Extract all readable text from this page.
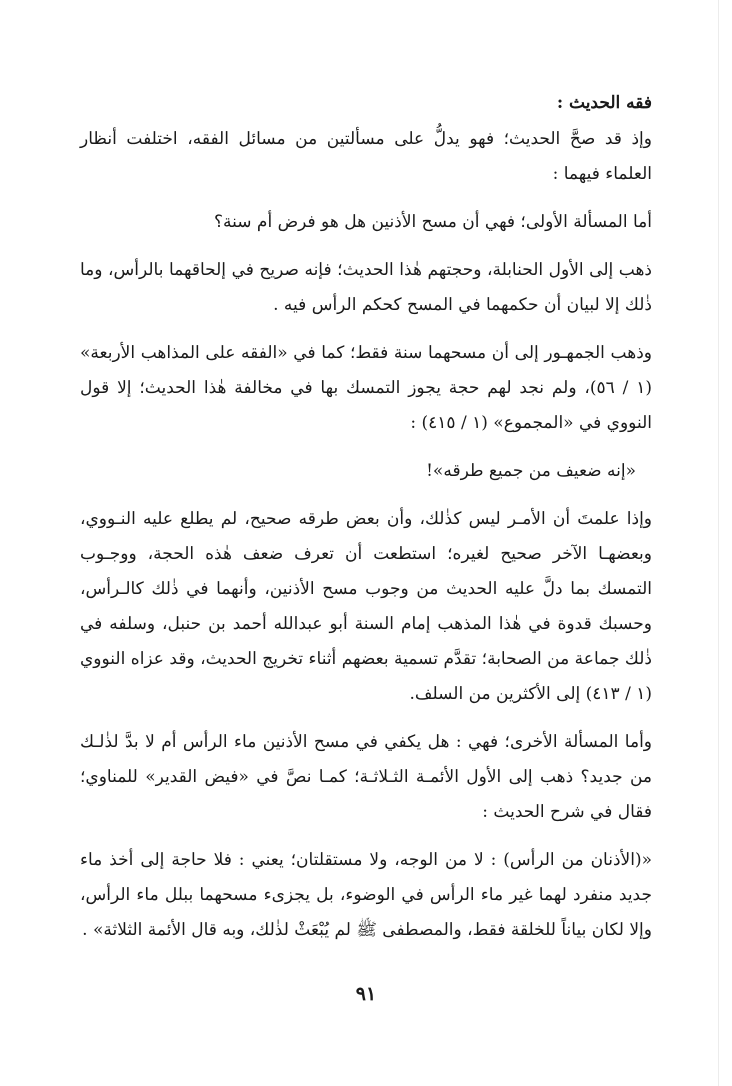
فقه الحديث :

وإذ قد صحَّ الحديث؛ فهو يدلُّ على مسألتين من مسائل الفقه، اختلفت أنظار العلماء فيهما :

أما المسألة الأولى؛ فهي أن مسح الأذنين هل هو فرض أم سنة؟

ذهب إلى الأول الحنابلة، وحجتهم هٰذا الحديث؛ فإنه صريح في إلحاقهما بالرأس، وما ذٰلك إلا لبيان أن حكمهما في المسح كحكم الرأس فيه .

وذهب الجمهـور إلى أن مسحهما سنة فقط؛ كما في «الفقه على المذاهب الأربعة» (١ / ٥٦)، ولم نجد لهم حجة يجوز التمسك بها في مخالفة هٰذا الحديث؛ إلا قول النووي في «المجموع» (١ / ٤١٥) :

«إنه ضعيف من جميع طرقه»!

وإذا علمتَ أن الأمـر ليس كذٰلك، وأن بعض طرقه صحيح، لم يطلع عليه النـووي، وبعضهـا الآخر صحيح لغيره؛ استطعت أن تعرف ضعف هٰذه الحجة، ووجـوب التمسك بما دلَّ عليه الحديث من وجوب مسح الأذنين، وأنهما في ذٰلك كالـرأس، وحسبك قدوة في هٰذا المذهب إمام السنة أبو عبدالله أحمد بن حنبل، وسلفه في ذٰلك جماعة من الصحابة؛ تقدَّم تسمية بعضهم أثناء تخريج الحديث، وقد عزاه النووي (١ / ٤١٣) إلى الأكثرين من السلف.

وأما المسألة الأخرى؛ فهي : هل يكفي في مسح الأذنين ماء الرأس أم لا بدَّ لذٰلـك من جديد؟ ذهب إلى الأول الأئمـة الثـلاثـة؛ كمـا نصَّ في «فيض القدير» للمناوي؛ فقال في شرح الحديث :

«(الأذنان من الرأس) : لا من الوجه، ولا مستقلتان؛ يعني : فلا حاجة إلى أخذ ماء جديد منفرد لهما غير ماء الرأس في الوضوء، بل يجزىء مسحهما ببلل ماء الرأس، وإلا لكان بياناً للخلقة فقط، والمصطفى ﷺ لم يُبْعَثْ لذٰلك، وبه قال الأئمة الثلاثة» .

٩١
